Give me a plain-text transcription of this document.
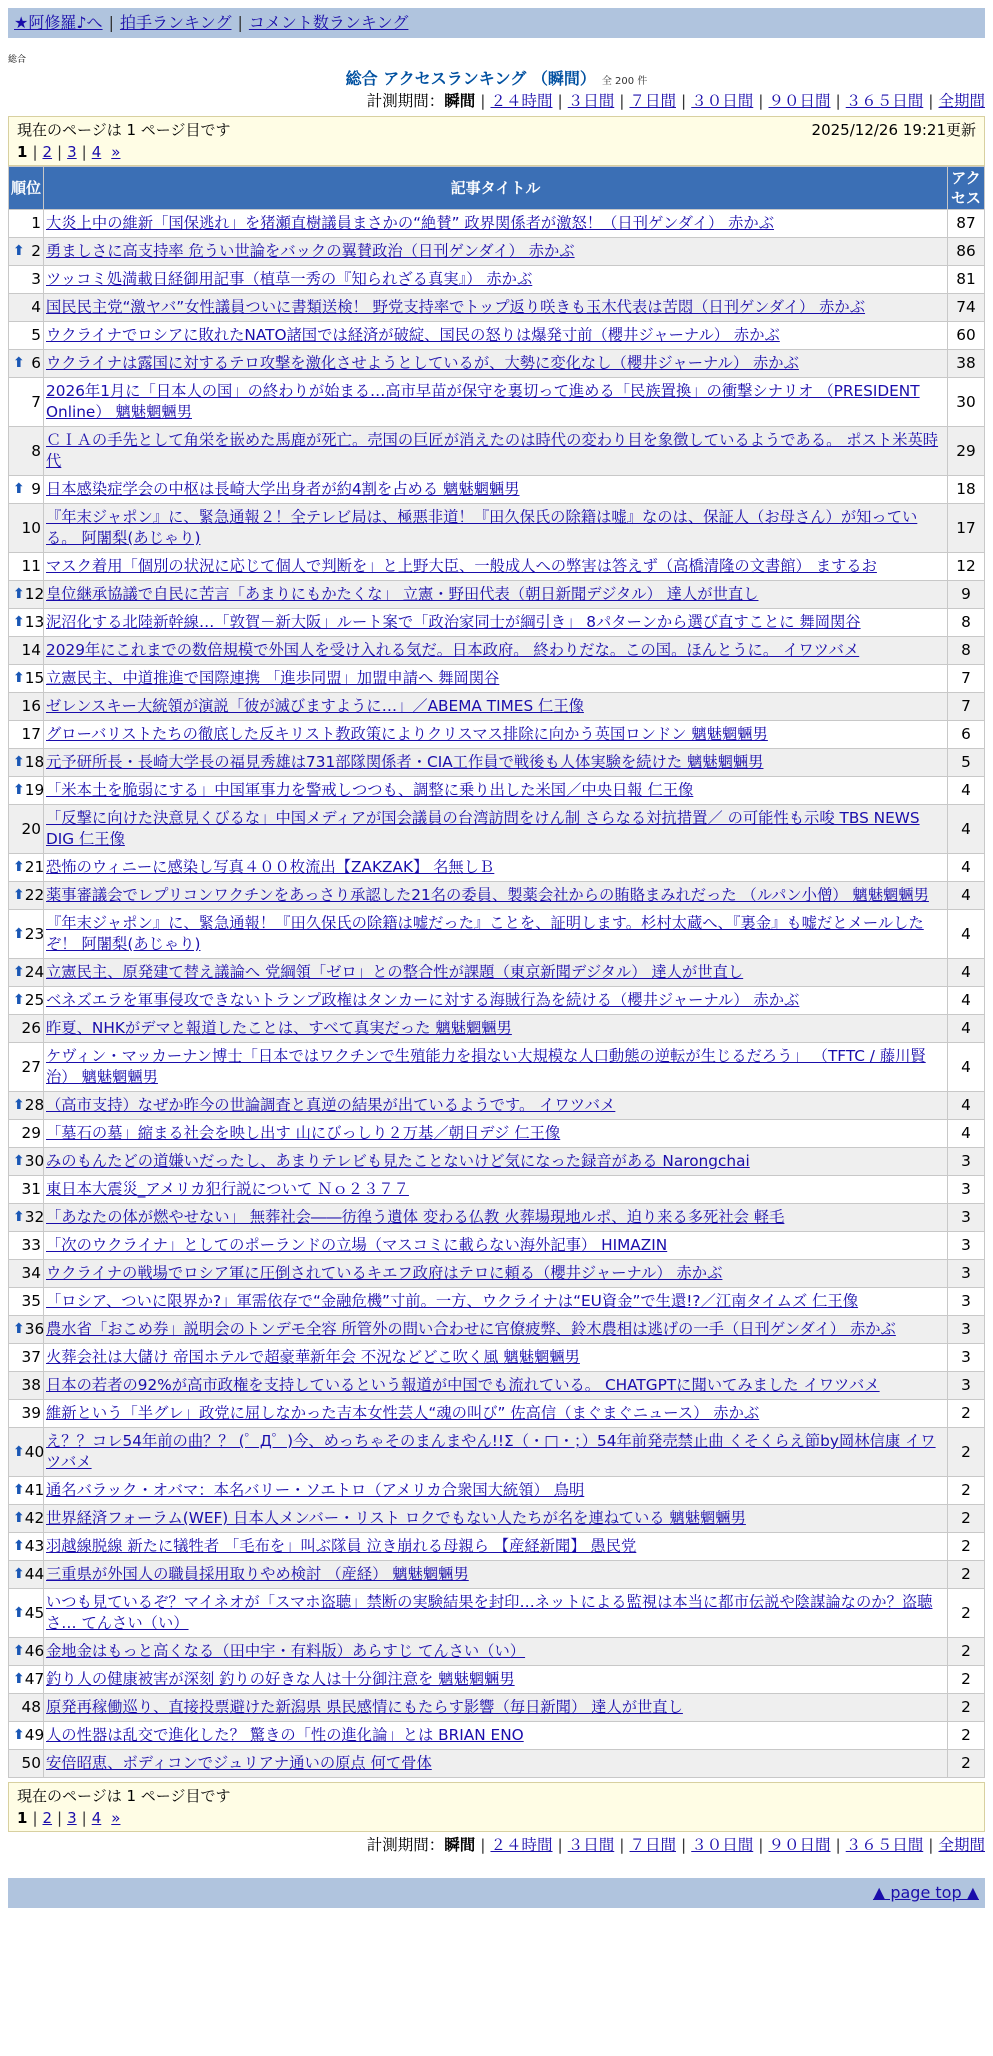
★阿修羅♪へ | 拍手ランキング | コメント数ランキング
総合
総合 アクセスランキング （瞬間） 全 200 件
計測期間：瞬間 | ２４時間 | ３日間 | ７日間 | ３０日間 | ９０日間 | ３６５日間 | 全期間
現在のページは 1 ページ目です	2025/12/26 19:21更新
1 | 2 | 3 | 4 »
順位	記事タイトル	アクセス
1	大炎上中の維新「国保逃れ」を猪瀬直樹議員まさかの“絶賛” 政界関係者が激怒！（日刊ゲンダイ） 赤かぶ	87

⬆ 2	勇ましさに高支持率 危うい世論をバックの翼賛政治（日刊ゲンダイ） 赤かぶ	86
3	ツッコミ処満載日経御用記事（植草一秀の『知られざる真実』） 赤かぶ	81
4	国民民主党“激ヤバ”女性議員ついに書類送検！ 野党支持率でトップ返り咲きも玉木代表は苦悶（日刊ゲンダイ） 赤かぶ	74
5	ウクライナでロシアに敗れたNATO諸国では経済が破綻、国民の怒りは爆発寸前（櫻井ジャーナル） 赤かぶ	60

⬆ 6	ウクライナは露国に対するテロ攻撃を激化させようとしているが、大勢に変化なし（櫻井ジャーナル） 赤かぶ	38
7	2026年1月に「日本人の国」の終わりが始まる…高市早苗が保守を裏切って進める「民族置換」の衝撃シナリオ （PRESIDENT Online） 魑魅魍魎男	30
8	ＣＩＡの手先として角栄を嵌めた馬鹿が死亡。売国の巨匠が消えたのは時代の変わり目を象徴しているようである。 ポスト米英時代	29

⬆ 9	日本感染症学会の中枢は長崎大学出身者が約4割を占める 魑魅魍魎男	18
10	『年末ジャポン』に、緊急通報２！全テレビ局は、極悪非道！『田久保氏の除籍は嘘』なのは、保証人（お母さん）が知っている。 阿闍梨(あじゃり)	17
11	マスク着用「個別の状況に応じて個人で判断を」と上野大臣、一般成人への弊害は答えず（高橋清隆の文書館） まするお	12

⬆ 12	皇位継承協議で自民に苦言「あまりにもかたくな」 立憲・野田代表（朝日新聞デジタル） 達人が世直し	9

⬆ 13	泥沼化する北陸新幹線…「敦賀－新大阪」ルート案で「政治家同士が綱引き」 8パターンから選び直すことに 舞岡関谷	8
14	2029年にこれまでの数倍規模で外国人を受け入れる気だ。日本政府。 終わりだな。この国。ほんとうに。 イワツバメ	8

⬆ 15	立憲民主、中道推進で国際連携 「進歩同盟」加盟申請へ 舞岡関谷	7
16	ゼレンスキー大統領が演説「彼が滅びますように…」／ABEMA TIMES 仁王像	7
17	グローバリストたちの徹底した反キリスト教政策によりクリスマス排除に向かう英国ロンドン 魑魅魍魎男	6

⬆ 18	元予研所長・長崎大学長の福見秀雄は731部隊関係者・CIA工作員で戦後も人体実験を続けた 魑魅魍魎男	5

⬆ 19	「米本土を脆弱にする」中国軍事力を警戒しつつも、調整に乗り出した米国／中央日報 仁王像	4
20	「反撃に向けた決意見くびるな」中国メディアが国会議員の台湾訪問をけん制 さらなる対抗措置／ の可能性も示唆 TBS NEWS DIG 仁王像	4

⬆ 21	恐怖のウィニーに感染し写真４００枚流出【ZAKZAK】 名無しＢ	4

⬆ 22	薬事審議会でレプリコンワクチンをあっさり承認した21名の委員、製薬会社からの賄賂まみれだった （ルパン小僧） 魑魅魍魎男	4

⬆ 23	『年末ジャポン』に、緊急通報！『田久保氏の除籍は嘘だった』ことを、証明します。杉村太蔵へ、『裏金』も嘘だとメールしたぞ！ 阿闍梨(あじゃり)	4

⬆ 24	立憲民主、原発建て替え議論へ 党綱領「ゼロ」との整合性が課題（東京新聞デジタル） 達人が世直し	4

⬆ 25	ベネズエラを軍事侵攻できないトランプ政権はタンカーに対する海賊行為を続ける（櫻井ジャーナル） 赤かぶ	4
26	昨夏、NHKがデマと報道したことは、すべて真実だった 魑魅魍魎男	4
27	ケヴィン・マッカーナン博士「日本ではワクチンで生殖能力を損ない大規模な人口動態の逆転が生じるだろう」 （TFTC / 藤川賢治） 魑魅魍魎男	4

⬆ 28	（高市支持）なぜか昨今の世論調査と真逆の結果が出ているようです。 イワツバメ	4
29	「墓石の墓」縮まる社会を映し出す 山にびっしり２万基／朝日デジ 仁王像	4

⬆ 30	みのもんたどの道嫌いだったし、あまりテレビも見たことないけど気になった録音がある Narongchai	3
31	東日本大震災_アメリカ犯行説について Ｎｏ２３７７	3

⬆ 32	「あなたの体が燃やせない」 無葬社会――彷徨う遺体 変わる仏教 火葬場現地ルポ、迫り来る多死社会 軽毛	3
33	「次のウクライナ」としてのポーランドの立場（マスコミに載らない海外記事） HIMAZIN	3
34	ウクライナの戦場でロシア軍に圧倒されているキエフ政府はテロに頼る（櫻井ジャーナル） 赤かぶ	3
35	「ロシア、ついに限界か?」軍需依存で“金融危機”寸前。一方、ウクライナは“EU資金”で生還!?／江南タイムズ 仁王像	3

⬆ 36	農水省「おこめ券」説明会のトンデモ全容 所管外の問い合わせに官僚疲弊、鈴木農相は逃げの一手（日刊ゲンダイ） 赤かぶ	3
37	火葬会社は大儲け 帝国ホテルで超豪華新年会 不況などどこ吹く風 魑魅魍魎男	3
38	日本の若者の92%が高市政権を支持しているという報道が中国でも流れている。 CHATGPTに聞いてみました イワツバメ	3
39	維新という「半グレ」政党に屈しなかった吉本女性芸人“魂の叫び” 佐高信（まぐまぐニュース） 赤かぶ	2

⬆ 40	え？？コレ54年前の曲？？ (゜Д゜)今、めっちゃそのまんまやん!!Σ（・□・；）54年前発売禁止曲 くそくらえ節by岡林信康 イワツバメ	2

⬆ 41	通名バラック・オバマ：本名バリー・ソエトロ（アメリカ合衆国大統領） 鳥明	2

⬆ 42	世界経済フォーラム(WEF) 日本人メンバー・リスト ロクでもない人たちが名を連ねている 魑魅魍魎男	2

⬆ 43	羽越線脱線 新たに犠牲者 「毛布を」叫ぶ隊員 泣き崩れる母親ら 【産経新聞】 愚民党	2

⬆ 44	三重県が外国人の職員採用取りやめ検討 （産経） 魑魅魍魎男	2

⬆ 45	いつも見ているぞ？マイネオが「スマホ盗聴」禁断の実験結果を封印…ネットによる監視は本当に都市伝説や陰謀論なのか？盗聴さ… てんさい（い）	2

⬆ 46	金地金はもっと高くなる（田中宇・有料版）あらすじ てんさい（い）	2

⬆ 47	釣り人の健康被害が深刻 釣りの好きな人は十分御注意を 魑魅魍魎男	2
48	原発再稼働巡り、直接投票避けた新潟県 県民感情にもたらす影響（毎日新聞） 達人が世直し	2

⬆ 49	人の性器は乱交で進化した？ 驚きの「性の進化論」とは BRIAN ENO	2
50	安倍昭恵、ボディコンでジュリアナ通いの原点 何て骨体	2
現在のページは 1 ページ目です
1 | 2 | 3 | 4 »
計測期間：瞬間 | ２４時間 | ３日間 | ７日間 | ３０日間 | ９０日間 | ３６５日間 | 全期間
▲ page top ▲
